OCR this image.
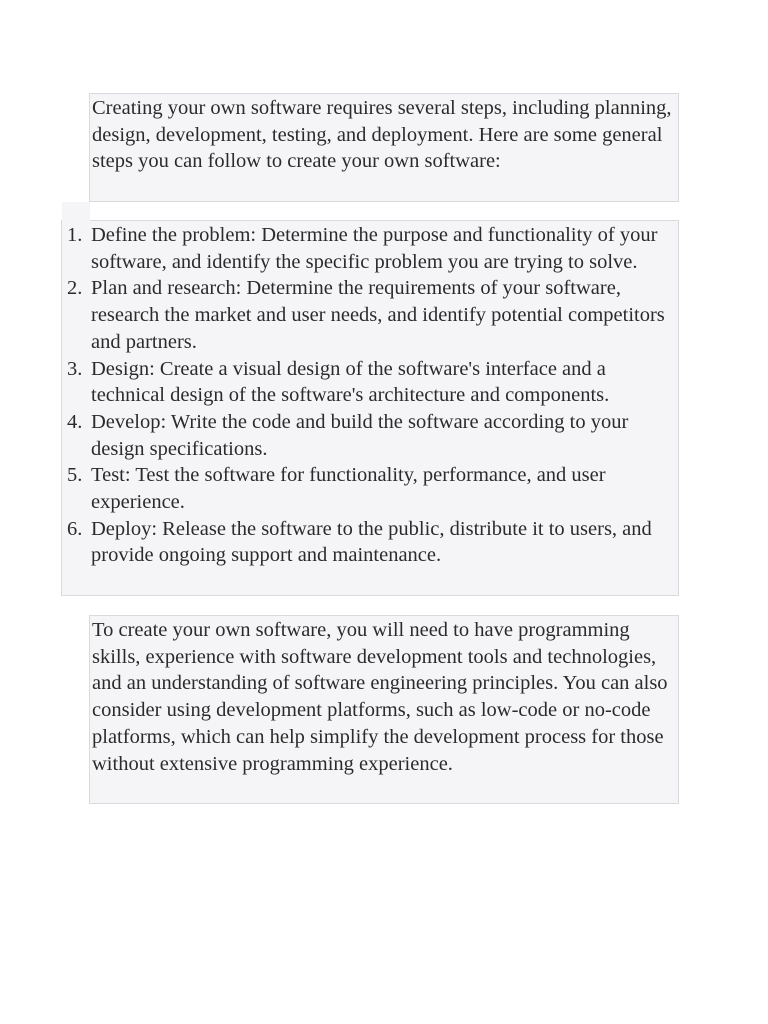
Creating your own software requires several steps, including planning, design, development, testing, and deployment. Here are some general steps you can follow to create your own software:

1. Define the problem: Determine the purpose and functionality of your software, and identify the specific problem you are trying to solve.
2. Plan and research: Determine the requirements of your software, research the market and user needs, and identify potential competitors and partners.
3. Design: Create a visual design of the software's interface and a technical design of the software's architecture and components.
4. Develop: Write the code and build the software according to your design specifications.
5. Test: Test the software for functionality, performance, and user experience.
6. Deploy: Release the software to the public, distribute it to users, and provide ongoing support and maintenance.

To create your own software, you will need to have programming skills, experience with software development tools and technologies, and an understanding of software engineering principles. You can also consider using development platforms, such as low-code or no-code platforms, which can help simplify the development process for those without extensive programming experience.
